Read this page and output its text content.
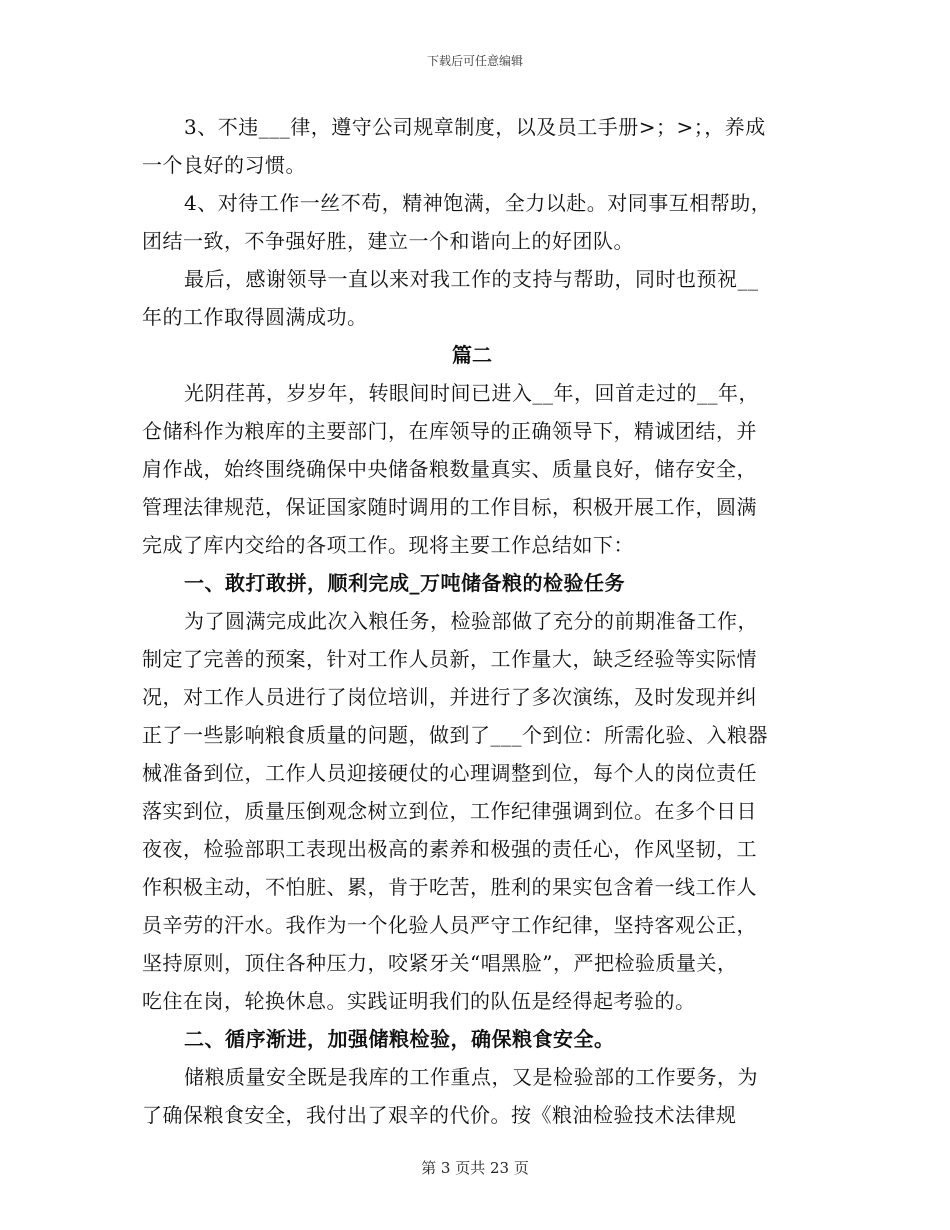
下载后可任意编辑

3、不违___律，遵守公司规章制度，以及员工手册>；>；，养成

一个良好的习惯。

4、对待工作一丝不苟，精神饱满，全力以赴。对同事互相帮助，

团结一致，不争强好胜，建立一个和谐向上的好团队。

最后，感谢领导一直以来对我工作的支持与帮助，同时也预祝__

年的工作取得圆满成功。

篇二

光阴荏苒，岁岁年，转眼间时间已进入__年，回首走过的__年，

仓储科作为粮库的主要部门，在库领导的正确领导下，精诚团结，并

肩作战，始终围绕确保中央储备粮数量真实、质量良好，储存安全，

管理法律规范，保证国家随时调用的工作目标，积极开展工作，圆满

完成了库内交给的各项工作。现将主要工作总结如下：

一、敢打敢拼，顺利完成_万吨储备粮的检验任务

为了圆满完成此次入粮任务，检验部做了充分的前期准备工作，

制定了完善的预案，针对工作人员新，工作量大，缺乏经验等实际情

况，对工作人员进行了岗位培训，并进行了多次演练，及时发现并纠

正了一些影响粮食质量的问题，做到了___个到位：所需化验、入粮器

械准备到位，工作人员迎接硬仗的心理调整到位，每个人的岗位责任

落实到位，质量压倒观念树立到位，工作纪律强调到位。在多个日日

夜夜，检验部职工表现出极高的素养和极强的责任心，作风坚韧，工

作积极主动，不怕脏、累，肯于吃苦，胜利的果实包含着一线工作人

员辛劳的汗水。我作为一个化验人员严守工作纪律，坚持客观公正，

坚持原则，顶住各种压力，咬紧牙关“唱黑脸”，严把检验质量关，

吃住在岗，轮换休息。实践证明我们的队伍是经得起考验的。

二、循序渐进，加强储粮检验，确保粮食安全。

储粮质量安全既是我库的工作重点，又是检验部的工作要务，为

了确保粮食安全，我付出了艰辛的代价。按《粮油检验技术法律规

第 3 页共 23 页
